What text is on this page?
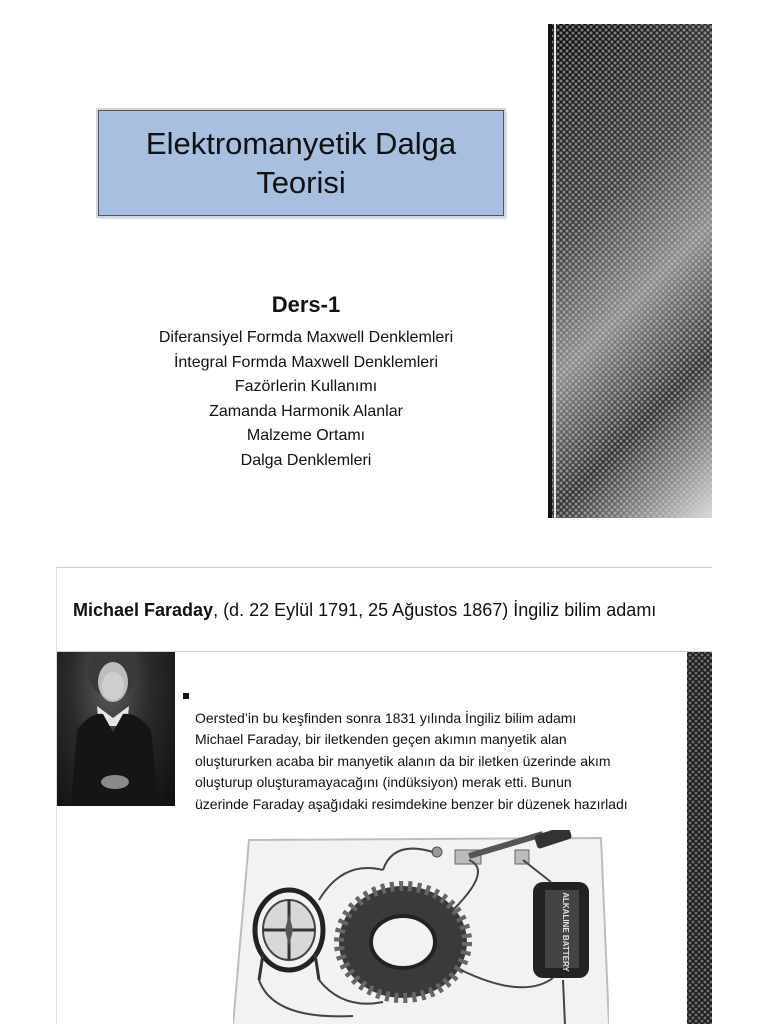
Elektromanyetik Dalga
Teorisi
Ders-1
Diferansiyel Formda Maxwell Denklemleri
İntegral Formda Maxwell Denklemleri
Fazörlerin Kullanımı
Zamanda Harmonik Alanlar
Malzeme Ortamı
Dalga Denklemleri
Michael Faraday, (d. 22 Eylül 1791, 25 Ağustos 1867) İngiliz bilim adamı

Oersted’in bu keşfinden sonra 1831 yılında İngiliz bilim adamı
Michael Faraday, bir iletkenden geçen akımın manyetik alan
oluştururken acaba bir manyetik alanın da bir iletken üzerinde akım
oluşturup oluşturamayacağını (indüksiyon) merak etti. Bunun
üzerinde Faraday aşağıdaki resimdekine benzer bir düzenek hazırladı

ALKALINE BATTERY
